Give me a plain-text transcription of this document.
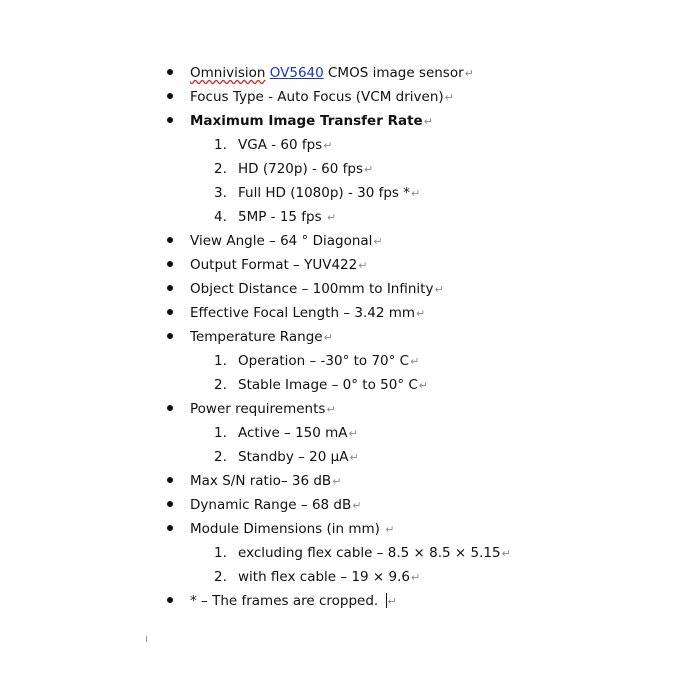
Omnivision OV5640 CMOS image sensor↵
Focus Type - Auto Focus (VCM driven)↵
Maximum Image Transfer Rate↵
1. VGA - 60 fps↵
2. HD (720p) - 60 fps↵
3. Full HD (1080p) - 30 fps *↵
4. 5MP - 15 fps ↵
View Angle – 64 ° Diagonal↵
Output Format – YUV422↵
Object Distance – 100mm to Infinity↵
Effective Focal Length – 3.42 mm↵
Temperature Range↵
1. Operation – -30° to 70° C↵
2. Stable Image – 0° to 50° C↵
Power requirements↵
1. Active – 150 mA↵
2. Standby – 20 µA↵
Max S/N ratio– 36 dB↵
Dynamic Range – 68 dB↵
Module Dimensions (in mm) ↵
1. excluding flex cable – 8.5 × 8.5 × 5.15↵
2. with flex cable – 19 × 9.6↵
* – The frames are cropped. ↵
